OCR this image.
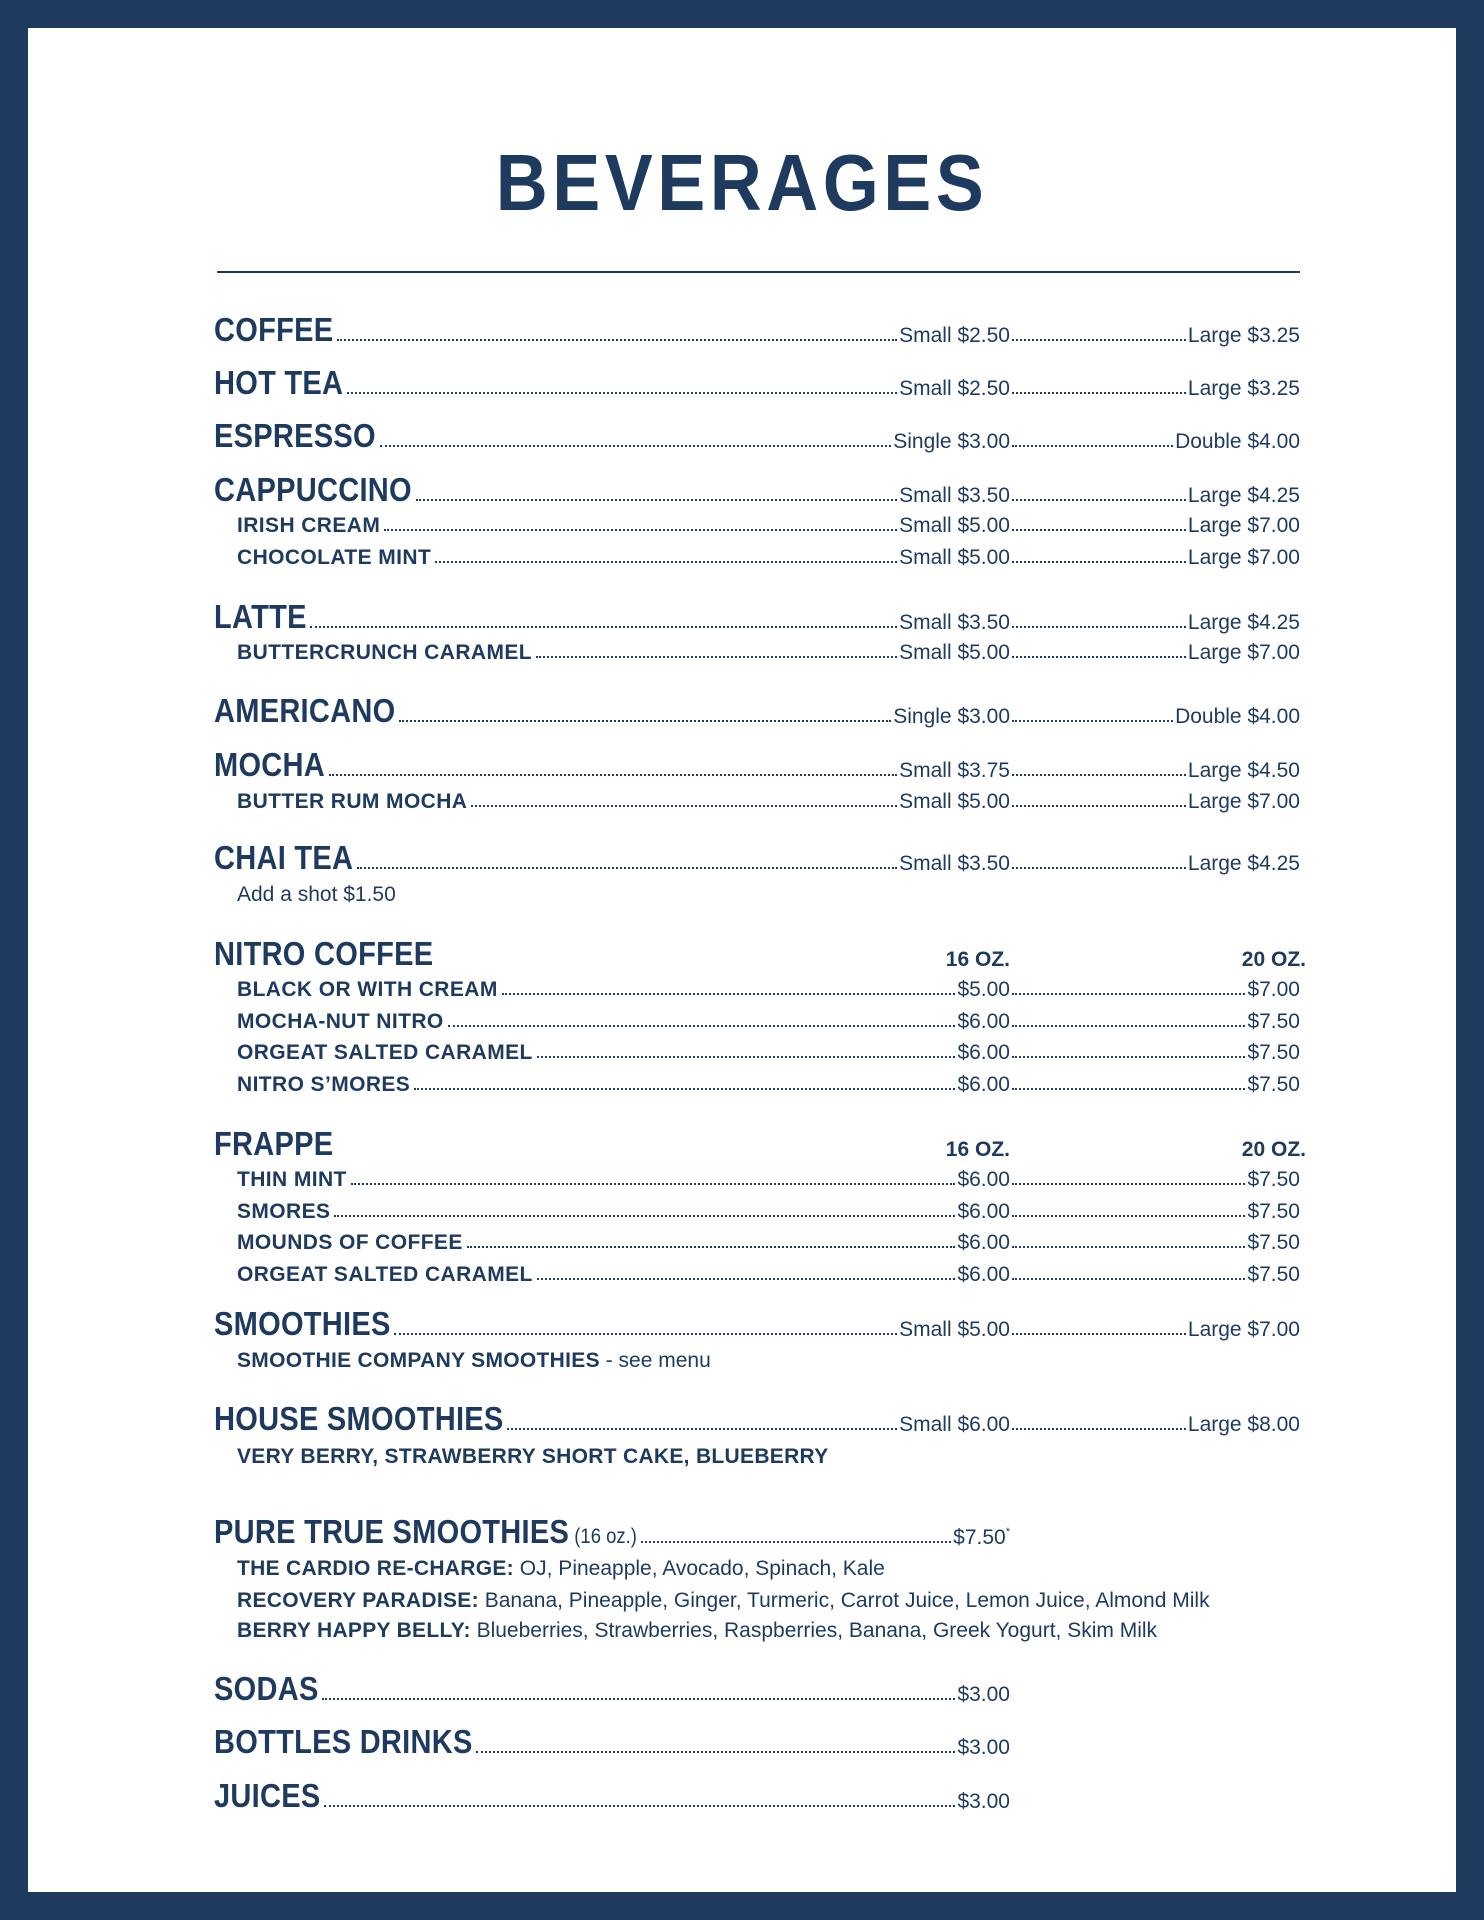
BEVERAGES
COFFEE	Small $2.50	Large $3.25
HOT TEA	Small $2.50	Large $3.25
ESPRESSO	Single $3.00	Double $4.00
CAPPUCCINO	Small $3.50	Large $4.25
IRISH CREAM	Small $5.00	Large $7.00
CHOCOLATE MINT	Small $5.00	Large $7.00
LATTE	Small $3.50	Large $4.25
BUTTERCRUNCH CARAMEL	Small $5.00	Large $7.00
AMERICANO	Single $3.00	Double $4.00
MOCHA	Small $3.75	Large $4.50
BUTTER RUM MOCHA	Small $5.00	Large $7.00
CHAI TEA	Small $3.50	Large $4.25
Add a shot $1.50
NITRO COFFEE	16 OZ.	20 OZ.
BLACK OR WITH CREAM	$5.00	$7.00
MOCHA-NUT NITRO	$6.00	$7.50
ORGEAT SALTED CARAMEL	$6.00	$7.50
NITRO S’MORES	$6.00	$7.50
FRAPPE	16 OZ.	20 OZ.
THIN MINT	$6.00	$7.50
SMORES	$6.00	$7.50
MOUNDS OF COFFEE	$6.00	$7.50
ORGEAT SALTED CARAMEL	$6.00	$7.50
SMOOTHIES	Small $5.00	Large $7.00
SMOOTHIE COMPANY SMOOTHIES - see menu
HOUSE SMOOTHIES	Small $6.00	Large $8.00
VERY BERRY, STRAWBERRY SHORT CAKE, BLUEBERRY
PURE TRUE SMOOTHIES (16 oz.)	$7.50*
THE CARDIO RE-CHARGE: OJ, Pineapple, Avocado, Spinach, Kale
RECOVERY PARADISE: Banana, Pineapple, Ginger, Turmeric, Carrot Juice, Lemon Juice, Almond Milk
BERRY HAPPY BELLY: Blueberries, Strawberries, Raspberries, Banana, Greek Yogurt, Skim Milk
SODAS	$3.00
BOTTLES DRINKS	$3.00
JUICES	$3.00
